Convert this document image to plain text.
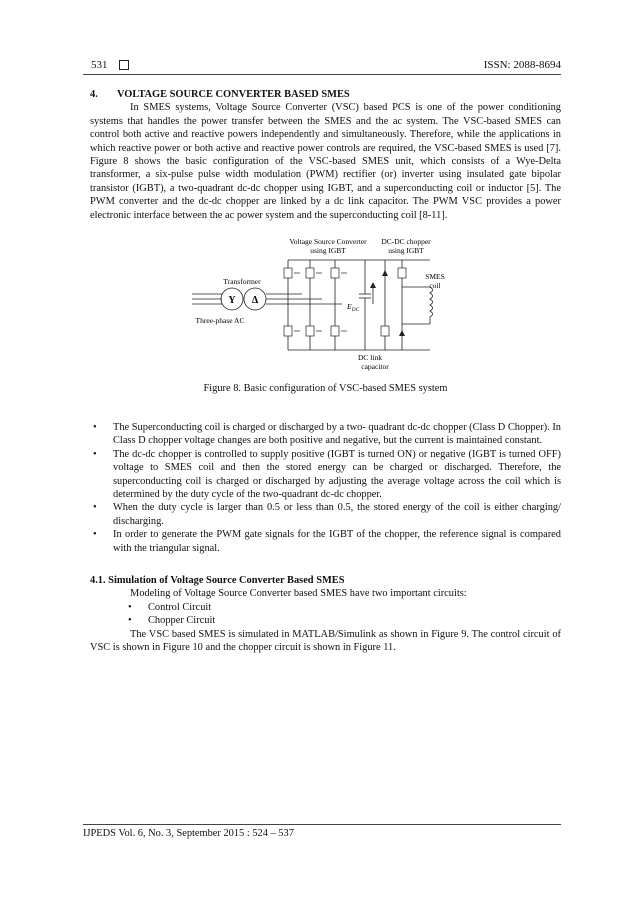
531	ISSN: 2088-8694

4. VOLTAGE SOURCE CONVERTER BASED SMES

In SMES systems, Voltage Source Converter (VSC) based PCS is one of the power conditioning systems that handles the power transfer between the SMES and the ac system. The VSC-based SMES can control both active and reactive powers independently and simultaneously. Therefore, while the applications in which reactive power or both active and reactive power controls are required, the VSC-based SMES is used [7]. Figure 8 shows the basic configuration of the VSC-based SMES unit, which consists of a Wye-Delta transformer, a six-pulse pulse width modulation (PWM) rectifier (or) inverter using insulated gate bipolar transistor (IGBT), a two-quadrant dc-dc chopper using IGBT, and a superconducting coil or inductor [5]. The PWM converter and the dc-dc chopper are linked by a dc link capacitor. The PWM VSC provides a power electronic interface between the ac power system and the superconducting coil [8-11].

Voltage Source Converter
using IGBT
DC-DC chopper
using IGBT
Transformer
Y Δ
Three-phase AC
$E_{DC}$
SMES
coil
DC link
capacitor
Figure 8. Basic configuration of VSC-based SMES system
• The Superconducting coil is charged or discharged by a two- quadrant dc-dc chopper (Class D Chopper). In Class D chopper voltage changes are both positive and negative, but the current is maintained constant.
• The dc-dc chopper is controlled to supply positive (IGBT is turned ON) or negative (IGBT is turned OFF) voltage to SMES coil and then the stored energy can be charged or discharged. Therefore, the superconducting coil is charged or discharged by adjusting the average voltage across the coil which is determined by the duty cycle of the two-quadrant dc-dc chopper.
• When the duty cycle is larger than 0.5 or less than 0.5, the stored energy of the coil is either charging/ discharging.
• In order to generate the PWM gate signals for the IGBT of the chopper, the reference signal is compared with the triangular signal.

4.1. Simulation of Voltage Source Converter Based SMES

Modeling of Voltage Source Converter based SMES have two important circuits:

• Control Circuit
• Chopper Circuit

The VSC based SMES is simulated in MATLAB/Simulink as shown in Figure 9. The control circuit of VSC is shown in Figure 10 and the chopper circuit is shown in Figure 11.

IJPEDS Vol. 6, No. 3, September 2015 : 524 – 537
